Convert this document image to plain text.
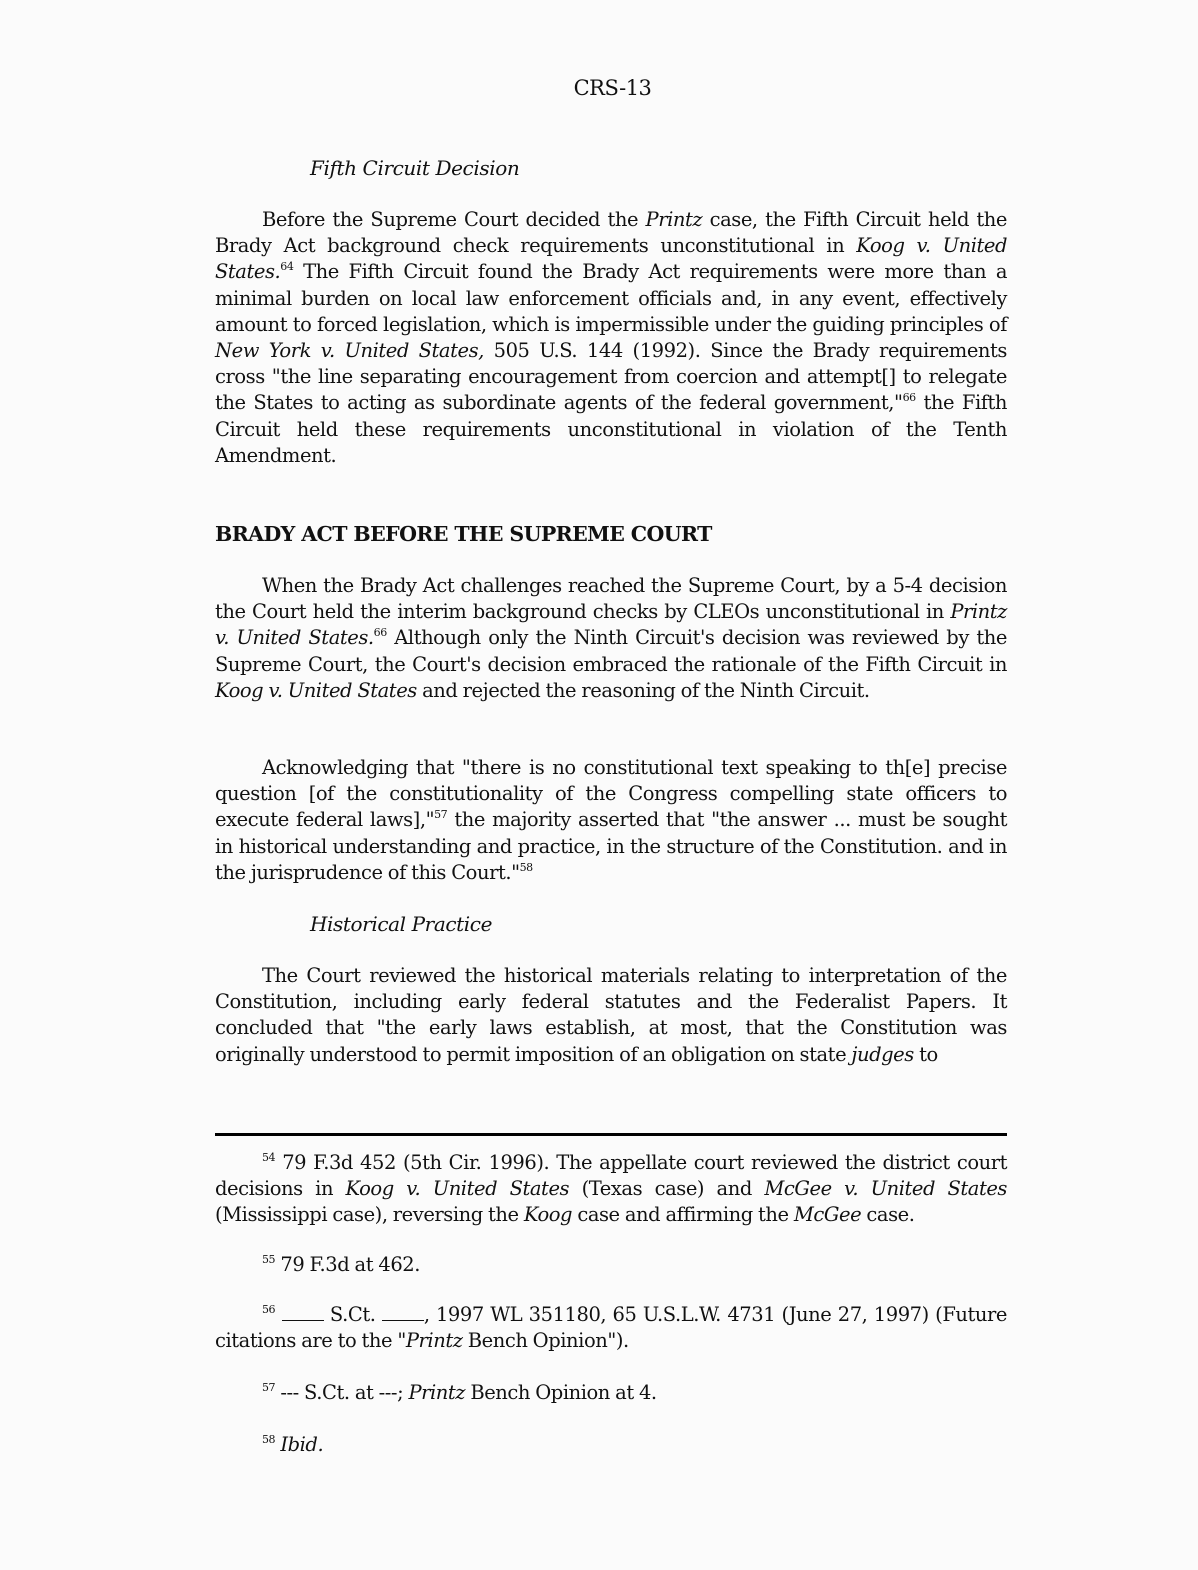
CRS-13
Fifth Circuit Decision

Before the Supreme Court decided the Printz case, the Fifth Circuit held the Brady Act background check requirements unconstitutional in Koog v. United States.$^{64}$ The Fifth Circuit found the Brady Act requirements were more than a minimal burden on local law enforcement officials and, in any event, effectively amount to forced legislation, which is impermissible under the guiding principles of New York v. United States, 505 U.S. 144 (1992). Since the Brady requirements cross "the line separating encouragement from coercion and attempt[] to relegate the States to acting as subordinate agents of the federal government,"$^{66}$ the Fifth Circuit held these requirements unconstitutional in violation of the Tenth Amendment.

BRADY ACT BEFORE THE SUPREME COURT

When the Brady Act challenges reached the Supreme Court, by a 5-4 decision the Court held the interim background checks by CLEOs unconstitutional in Printz v. United States.$^{66}$ Although only the Ninth Circuit's decision was reviewed by the Supreme Court, the Court's decision embraced the rationale of the Fifth Circuit in Koog v. United States and rejected the reasoning of the Ninth Circuit.

Acknowledging that "there is no constitutional text speaking to th[e] precise question [of the constitutionality of the Congress compelling state officers to execute federal laws],"$^{57}$ the majority asserted that "the answer ... must be sought in historical understanding and practice, in the structure of the Constitution. and in the jurisprudence of this Court."$^{58}$

Historical Practice

The Court reviewed the historical materials relating to interpretation of the Constitution, including early federal statutes and the Federalist Papers. It concluded that "the early laws establish, at most, that the Constitution was originally understood to permit imposition of an obligation on state judges to

$^{54}$ 79 F.3d 452 (5th Cir. 1996). The appellate court reviewed the district court decisions in Koog v. United States (Texas case) and McGee v. United States (Mississippi case), reversing the Koog case and affirming the McGee case.

$^{55}$ 79 F.3d at 462.

$^{56}$  S.Ct. , 1997 WL 351180, 65 U.S.L.W. 4731 (June 27, 1997) (Future citations are to the "Printz Bench Opinion").

$^{57}$ --- S.Ct. at ---; Printz Bench Opinion at 4.

$^{58}$ Ibid.
